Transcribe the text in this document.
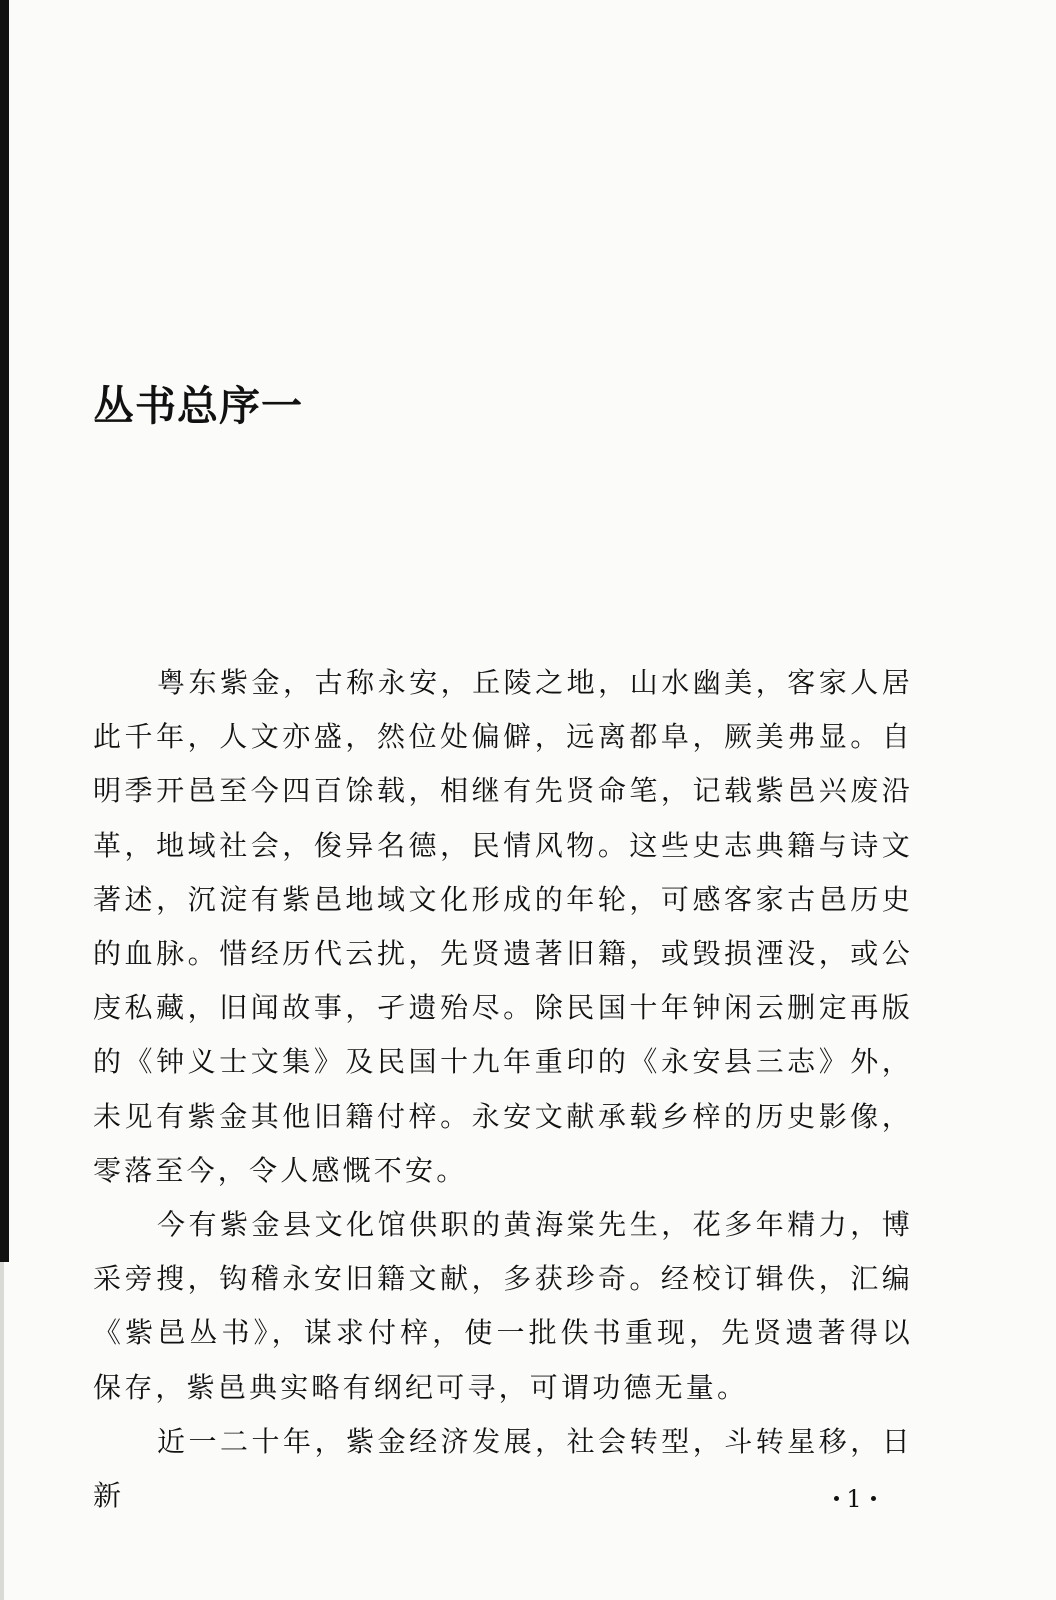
丛书总序一

粤东紫金，古称永安，丘陵之地，山水幽美，客家人居此千年，人文亦盛，然位处偏僻，远离都阜，厥美弗显。自明季开邑至今四百馀载，相继有先贤命笔，记载紫邑兴废沿革，地域社会，俊异名德，民情风物。这些史志典籍与诗文著述，沉淀有紫邑地域文化形成的年轮，可感客家古邑历史的血脉。惜经历代云扰，先贤遗著旧籍，或毁损湮没，或公庋私藏，旧闻故事，孑遗殆尽。除民国十年钟闲云删定再版的《钟义士文集》及民国十九年重印的《永安县三志》外，未见有紫金其他旧籍付梓。永安文献承载乡梓的历史影像，零落至今，令人感慨不安。

今有紫金县文化馆供职的黄海棠先生，花多年精力，博采旁搜，钩稽永安旧籍文献，多获珍奇。经校订辑佚，汇编《紫邑丛书》，谋求付梓，使一批佚书重现，先贤遗著得以保存，紫邑典实略有纲纪可寻，可谓功德无量。

近一二十年，紫金经济发展，社会转型，斗转星移，日新	1
